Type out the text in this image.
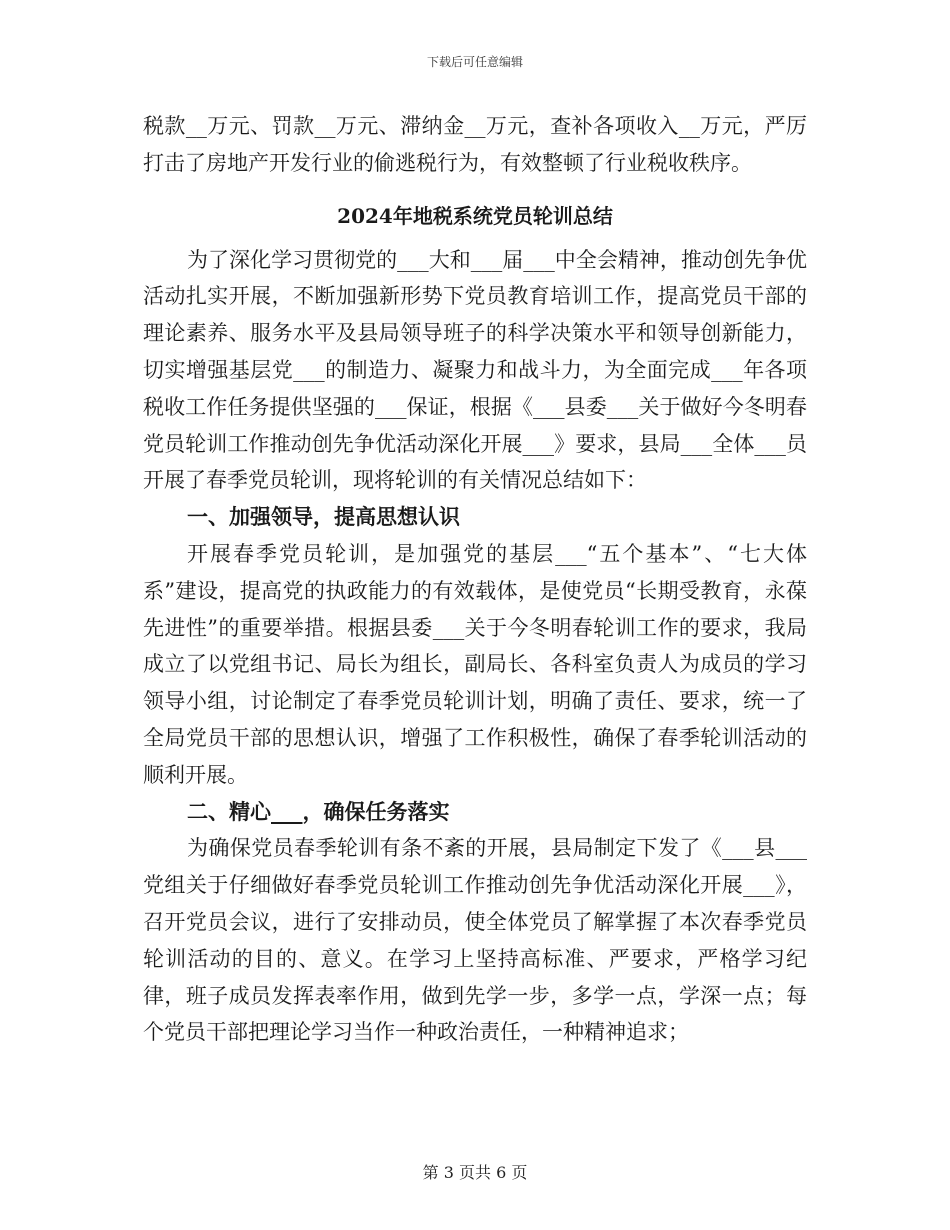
下载后可任意编辑

税款__万元、罚款__万元、滞纳金__万元，查补各项收入__万元，严厉打击了房地产开发行业的偷逃税行为，有效整顿了行业税收秩序。

2024年地税系统党员轮训总结

为了深化学习贯彻党的___大和___届___中全会精神，推动创先争优活动扎实开展，不断加强新形势下党员教育培训工作，提高党员干部的理论素养、服务水平及县局领导班子的科学决策水平和领导创新能力，切实增强基层党___的制造力、凝聚力和战斗力，为全面完成___年各项税收工作任务提供坚强的___保证，根据《___县委___关于做好今冬明春党员轮训工作推动创先争优活动深化开展___》要求，县局___全体___员开展了春季党员轮训，现将轮训的有关情况总结如下：

一、加强领导，提高思想认识

开展春季党员轮训，是加强党的基层___“五个基本”、“七大体系”建设，提高党的执政能力的有效载体，是使党员“长期受教育，永葆先进性”的重要举措。根据县委___关于今冬明春轮训工作的要求，我局成立了以党组书记、局长为组长，副局长、各科室负责人为成员的学习领导小组，讨论制定了春季党员轮训计划，明确了责任、要求，统一了全局党员干部的思想认识，增强了工作积极性，确保了春季轮训活动的顺利开展。

二、精心___，确保任务落实

为确保党员春季轮训有条不紊的开展，县局制定下发了《___县___党组关于仔细做好春季党员轮训工作推动创先争优活动深化开展___》，召开党员会议，进行了安排动员，使全体党员了解掌握了本次春季党员轮训活动的目的、意义。在学习上坚持高标准、严要求，严格学习纪律，班子成员发挥表率作用，做到先学一步，多学一点，学深一点；每个党员干部把理论学习当作一种政治责任，一种精神追求；

第 3 页共 6 页
